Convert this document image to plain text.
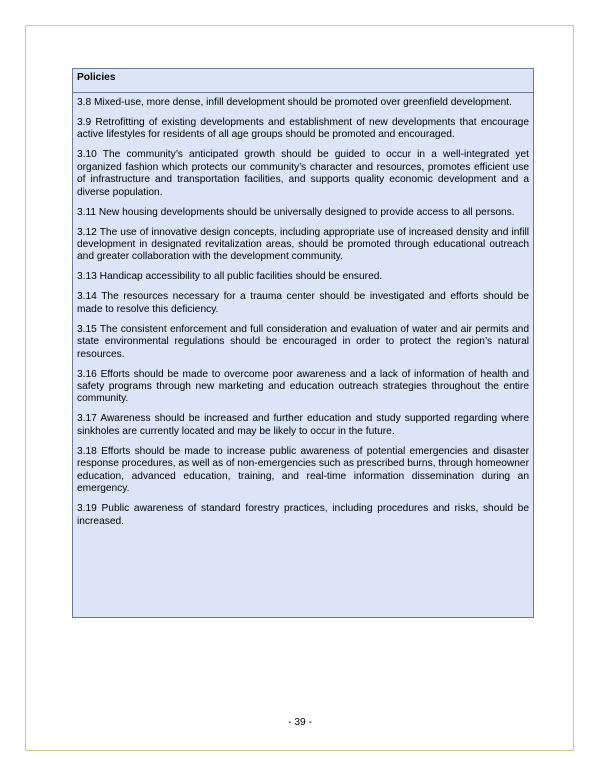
Policies

3.8 Mixed-use, more dense, infill development should be promoted over greenfield development.

3.9 Retrofitting of existing developments and establishment of new developments that encourage active lifestyles for residents of all age groups should be promoted and encouraged.

3.10 The community’s anticipated growth should be guided to occur in a well-integrated yet organized fashion which protects our community’s character and resources, promotes efficient use of infrastructure and transportation facilities, and supports quality economic development and a diverse population.

3.11 New housing developments should be universally designed to provide access to all persons.

3.12 The use of innovative design concepts, including appropriate use of increased density and infill development in designated revitalization areas, should be promoted through educational outreach and greater collaboration with the development community.

3.13 Handicap accessibility to all public facilities should be ensured.

3.14 The resources necessary for a trauma center should be investigated and efforts should be made to resolve this deficiency.

3.15 The consistent enforcement and full consideration and evaluation of water and air permits and state environmental regulations should be encouraged in order to protect the region’s natural resources.

3.16 Efforts should be made to overcome poor awareness and a lack of information of health and safety programs through new marketing and education outreach strategies throughout the entire community.

3.17 Awareness should be increased and further education and study supported regarding where sinkholes are currently located and may be likely to occur in the future.

3.18 Efforts should be made to increase public awareness of potential emergencies and disaster response procedures, as well as of non-emergencies such as prescribed burns, through homeowner education, advanced education, training, and real-time information dissemination during an emergency.

3.19 Public awareness of standard forestry practices, including procedures and risks, should be increased.

- 39 -
